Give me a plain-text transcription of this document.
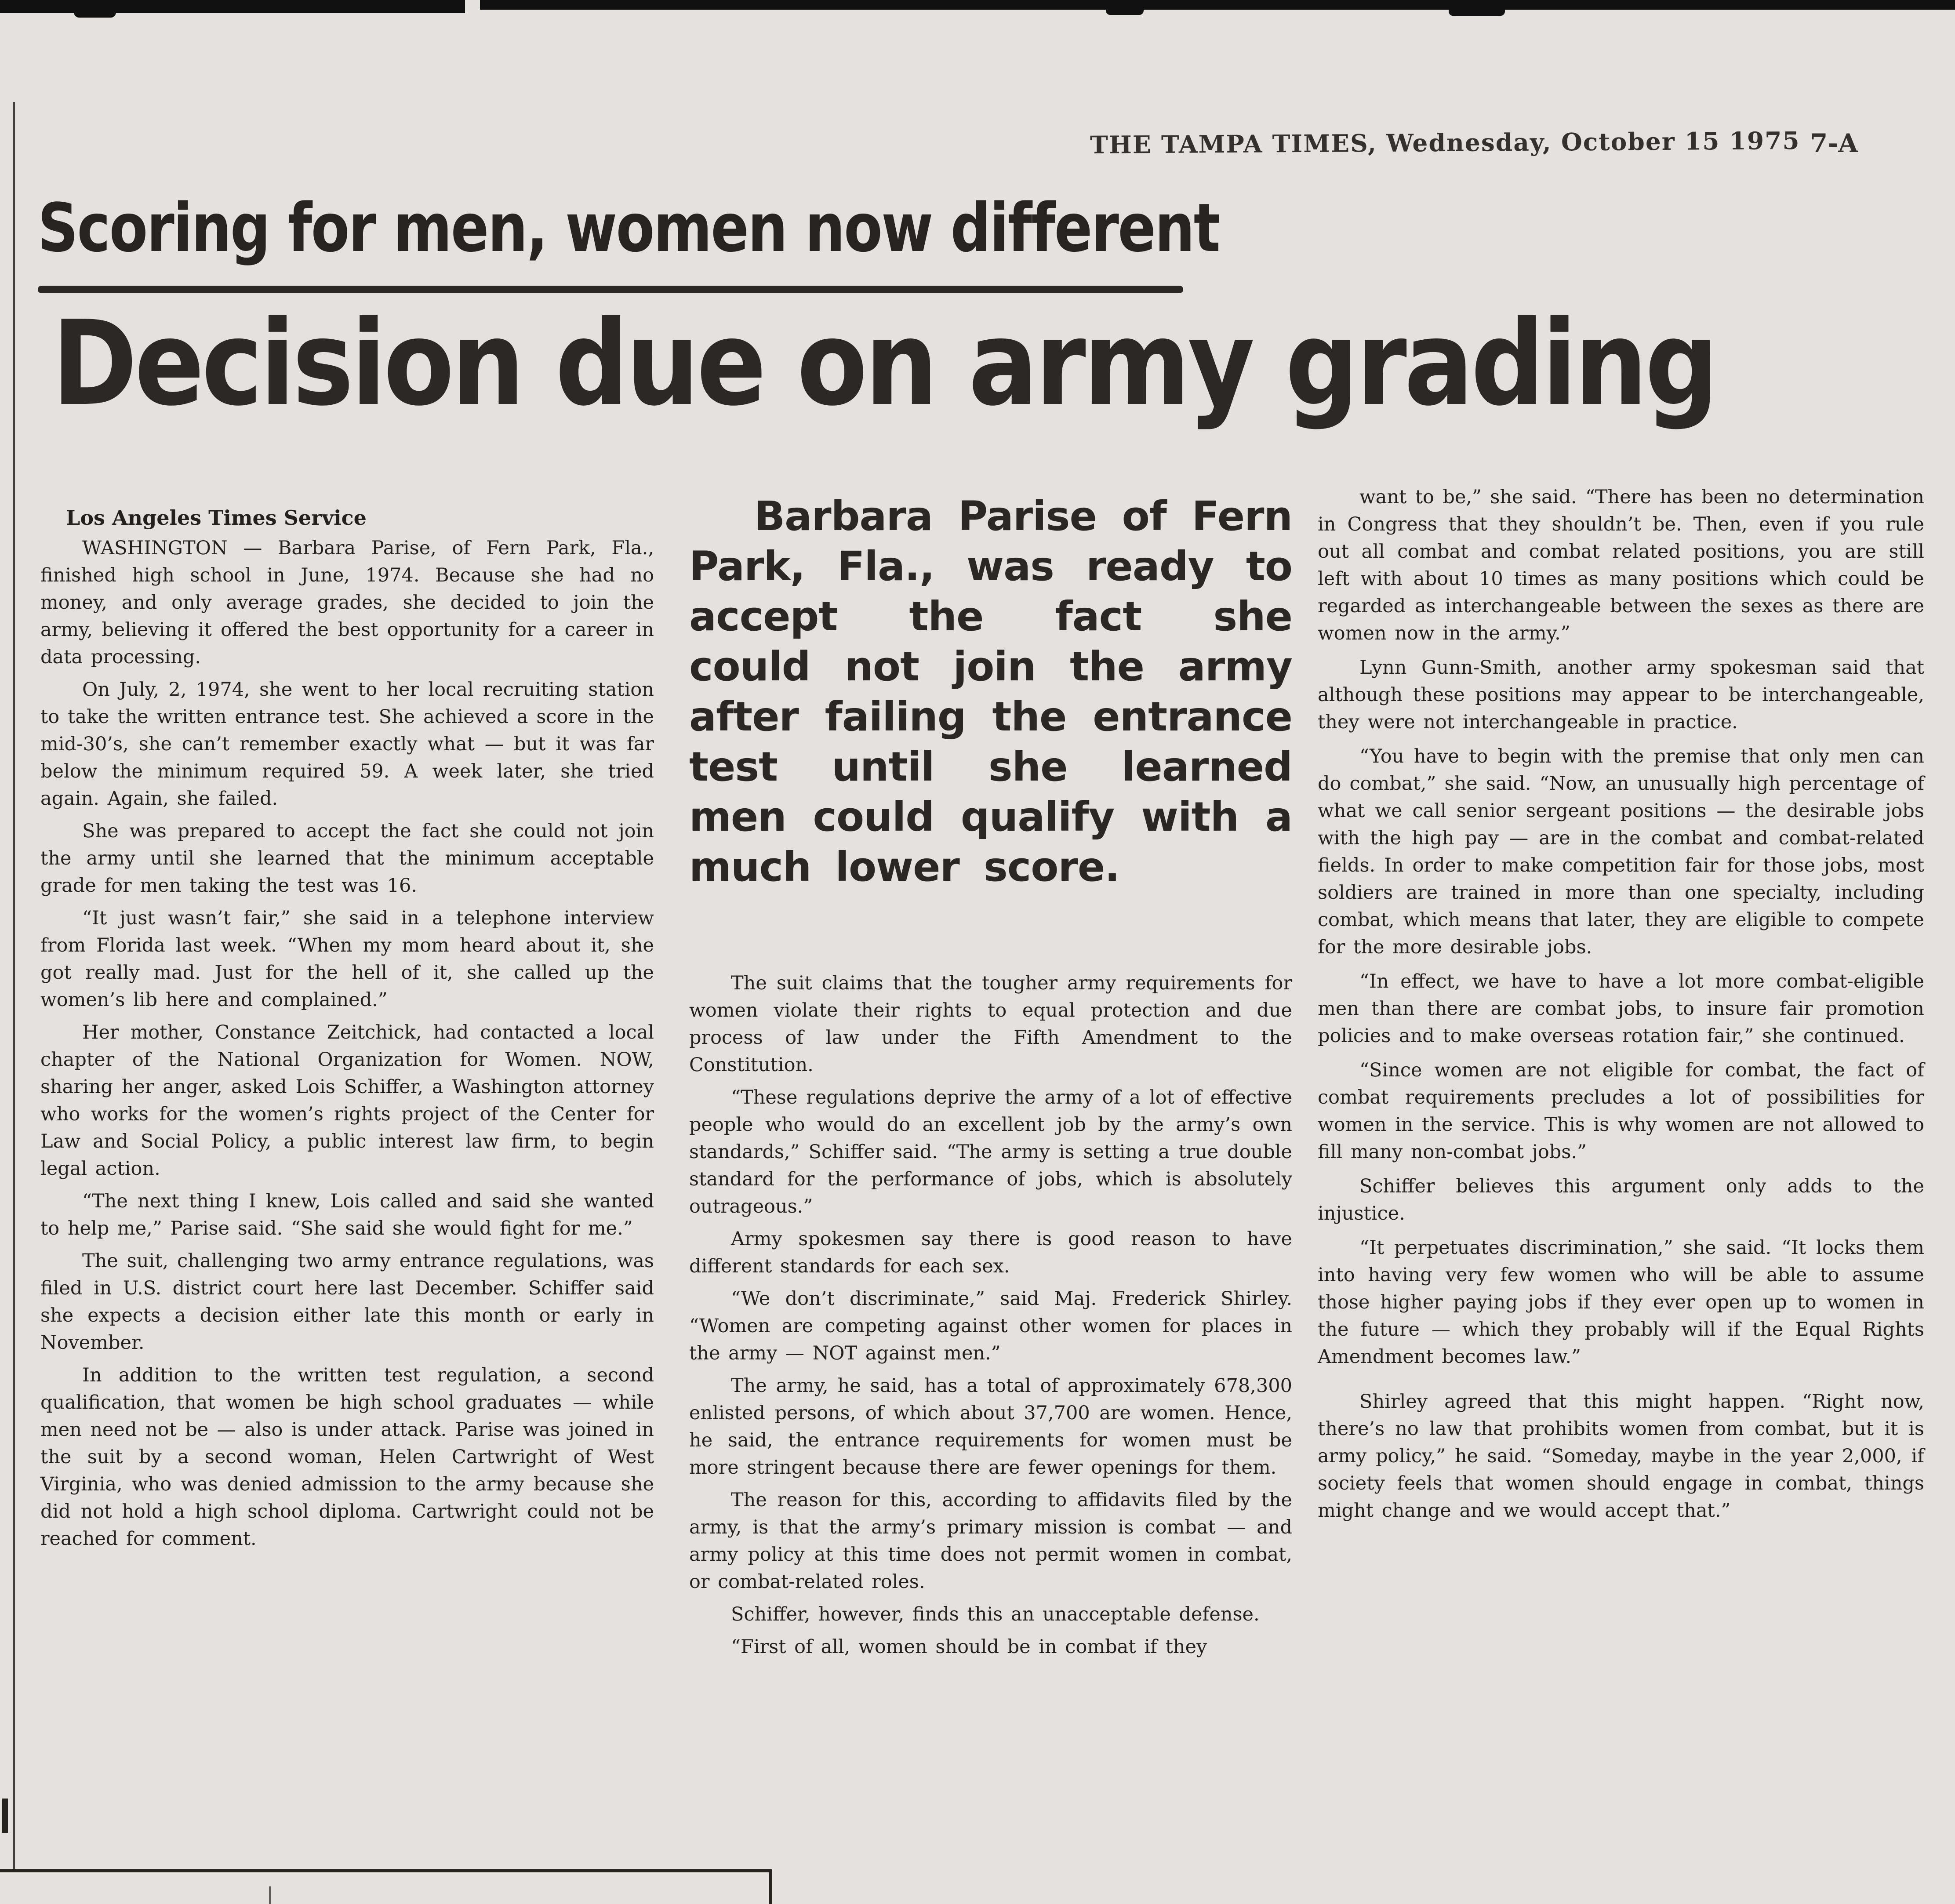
THE TAMPA TIMES, Wednesday, October 15 1975 7-A
Scoring for men, women now different
Decision due on army grading
Los Angeles Times Service

WASHINGTON — Barbara Parise, of Fern Park, Fla., finished high school in June, 1974. Because she had no money, and only average grades, she decided to join the army, believing it offered the best opportunity for a career in data processing.

On July, 2, 1974, she went to her local recruiting station to take the written entrance test. She achieved a score in the mid-30’s, she can’t remember exactly what — but it was far below the minimum required 59. A week later, she tried again. Again, she failed.

She was prepared to accept the fact she could not join the army until she learned that the minimum acceptable grade for men taking the test was 16.

“It just wasn’t fair,” she said in a telephone interview from Florida last week. “When my mom heard about it, she got really mad. Just for the hell of it, she called up the women’s lib here and complained.”

Her mother, Constance Zeitchick, had contacted a local chapter of the National Organization for Women. NOW, sharing her anger, asked Lois Schiffer, a Washington attorney who works for the women’s rights project of the Center for Law and Social Policy, a public interest law firm, to begin legal action.

“The next thing I knew, Lois called and said she wanted to help me,” Parise said. “She said she would fight for me.”

The suit, challenging two army entrance regulations, was filed in U.S. district court here last December. Schiffer said she expects a decision either late this month or early in November.

In addition to the written test regulation, a second qualification, that women be high school graduates — while men need not be — also is under attack. Parise was joined in the suit by a second woman, Helen Cartwright of West Virginia, who was denied admission to the army because she did not hold a high school diploma. Cartwright could not be reached for comment.

Barbara Parise of Fern Park, Fla., was ready to accept the fact she could not join the army after failing the entrance test until she learned men could qualify with a much lower score.

The suit claims that the tougher army requirements for women violate their rights to equal protection and due process of law under the Fifth Amendment to the Constitution.

“These regulations deprive the army of a lot of effective people who would do an excellent job by the army’s own standards,” Schiffer said. “The army is setting a true double standard for the performance of jobs, which is absolutely outrageous.”

Army spokesmen say there is good reason to have different standards for each sex.

“We don’t discriminate,” said Maj. Frederick Shirley. “Women are competing against other women for places in the army — NOT against men.”

The army, he said, has a total of approximately 678,300 enlisted persons, of which about 37,700 are women. Hence, he said, the entrance requirements for women must be more stringent because there are fewer openings for them.

The reason for this, according to affidavits filed by the army, is that the army’s primary mission is combat — and army policy at this time does not permit women in combat, or combat-related roles.

Schiffer, however, finds this an unacceptable defense.

“First of all, women should be in combat if they

want to be,” she said. “There has been no determination in Congress that they shouldn’t be. Then, even if you rule out all combat and combat related positions, you are still left with about 10 times as many positions which could be regarded as interchangeable between the sexes as there are women now in the army.”

Lynn Gunn-Smith, another army spokesman said that although these positions may appear to be interchangeable, they were not interchangeable in practice.

“You have to begin with the premise that only men can do combat,” she said. “Now, an unusually high percentage of what we call senior sergeant positions — the desirable jobs with the high pay — are in the combat and combat-related fields. In order to make competition fair for those jobs, most soldiers are trained in more than one specialty, including combat, which means that later, they are eligible to compete for the more desirable jobs.

“In effect, we have to have a lot more combat-eligible men than there are combat jobs, to insure fair promotion policies and to make overseas rotation fair,” she continued.

“Since women are not eligible for combat, the fact of combat requirements precludes a lot of possibilities for women in the service. This is why women are not allowed to fill many non-combat jobs.”

Schiffer believes this argument only adds to the injustice.

“It perpetuates discrimination,” she said. “It locks them into having very few women who will be able to assume those higher paying jobs if they ever open up to women in the future — which they probably will if the Equal Rights Amendment becomes law.”

Shirley agreed that this might happen. “Right now, there’s no law that prohibits women from combat, but it is army policy,” he said. “Someday, maybe in the year 2,000, if society feels that women should engage in combat, things might change and we would accept that.”
